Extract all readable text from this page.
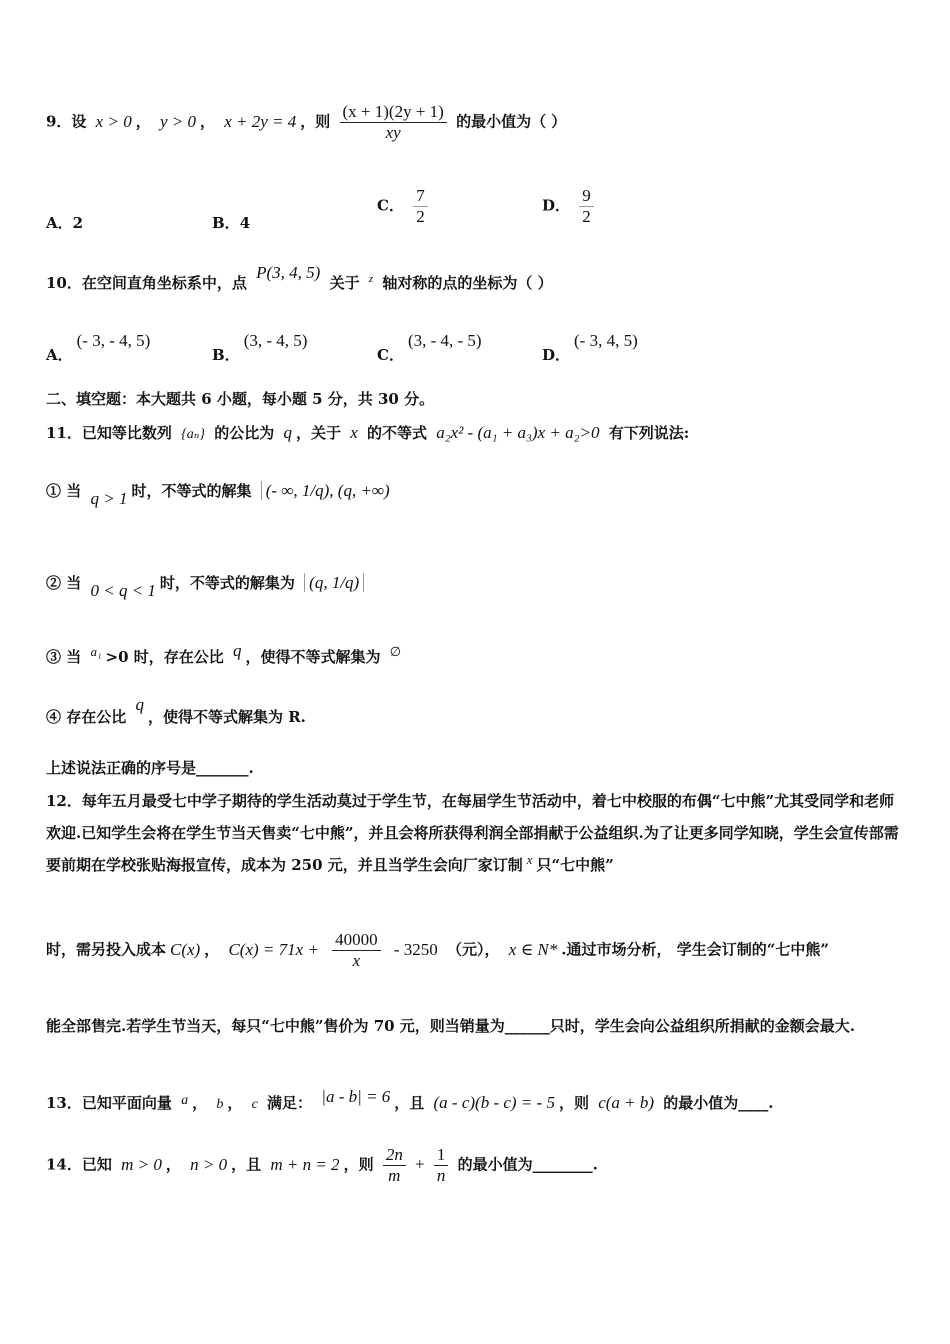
9．设 x > 0 ， y > 0 ， x + 2y = 4 ，则 $\frac{(x + 1)(2y + 1)}{xy}$ 的最小值为（ ）
A．2	B．4
C． $\frac{7}{2}$	D． $\frac{9}{2}$
10．在空间直角坐标系中，点 P(3, 4, 5) 关于 $^z$ 轴对称的点的坐标为（ ）
A．(- 3, - 4, 5)
B．(3, - 4, 5)
C．(3, - 4, - 5)
D．(- 3, 4, 5)
二、填空题：本大题共 6 小题，每小题 5 分，共 30 分。
11．已知等比数列 {aₙ} 的公比为 q ，关于 x 的不等式 a₂x² - (a₁ + a₃)x + a₂>0 有下列说法:
① 当 q > 1 时，不等式的解集 (- ∞, 1/q), (q, +∞)
② 当 0 < q < 1 时，不等式的解集为 (q, 1/q)
③ 当 a₁ >0 时，存在公比 q ，使得不等式解集为 ∅
④ 存在公比 q，使得不等式解集为 R.
上述说法正确的序号是_______.
12．每年五月最受七中学子期待的学生活动莫过于学生节，在每届学生节活动中，着七中校服的布偶“七中熊”尤其受同学和老师欢迎.已知学生会将在学生节当天售卖“七中熊”，并且会将所获得利润全部捐献于公益组织.为了让更多同学知晓，学生会宣传部需要前期在学校张贴海报宣传，成本为 250 元，并且当学生会向厂家订制 x 只“七中熊”
时，需另投入成本 C(x) ， $C(x) = 71x + \frac{40000}{x} - 3250$ （元）， x ∈ N* .通过市场分析， 学生会订制的“七中熊”
能全部售完.若学生节当天，每只“七中熊”售价为 70 元，则当销量为______只时，学生会向公益组织所捐献的金额会最大.
13．已知平面向量 a ， b ， c 满足： |a - b| = 6 ，且 (a - c)(b - c) = - 5 ，则 c(a + b) 的最小值为____.
14．已知 m > 0 ， n > 0 ，且 m + n = 2 ，则 $\frac{2n}{m} + \frac{1}{n}$ 的最小值为________.
